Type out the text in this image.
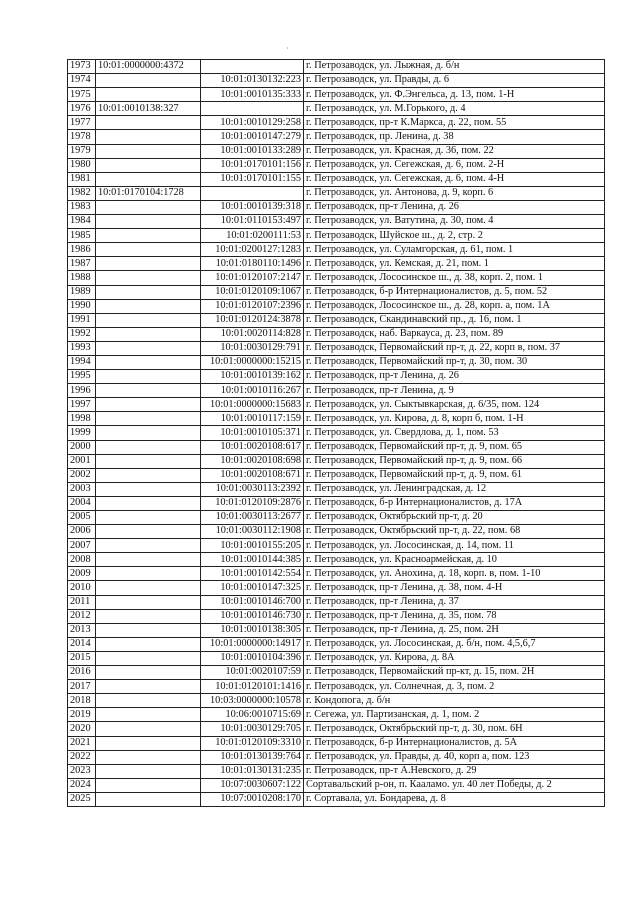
·
1973	10:01:0000000:4372		г. Петрозаводск, ул. Лыжная, д. б/н
1974		10:01:0130132:223	г. Петрозаводск, ул. Правды, д. 6
1975		10:01:0010135:333	г. Петрозаводск, ул. Ф.Энгельса, д. 13, пом. 1-Н
1976	10:01:0010138:327		г. Петрозаводск, ул. М.Горького, д. 4
1977		10:01:0010129:258	г. Петрозаводск, пр-т К.Маркса, д. 22, пом. 55
1978		10:01:0010147:279	г. Петрозаводск, пр. Ленина, д. 38
1979		10:01:0010133:289	г. Петрозаводск, ул. Красная, д. 36, пом. 22
1980		10:01:0170101:156	г. Петрозаводск, ул. Сегежская, д. 6, пом. 2-Н
1981		10:01:0170101:155	г. Петрозаводск, ул. Сегежская, д. 6, пом. 4-Н
1982	10:01:0170104:1728		г. Петрозаводск, ул. Антонова, д. 9, корп. 6
1983		10:01:0010139:318	г. Петрозаводск, пр-т Ленина, д. 26
1984		10:01:0110153:497	г. Петрозаводск, ул. Ватутина, д. 30, пом. 4
1985		10:01:0200111:53	г. Петрозаводск, Шуйское ш., д. 2, стр. 2
1986		10:01:0200127:1283	г. Петрозаводск, ул. Суламгорская, д. 61, пом. 1
1987		10:01:0180110:1496	г. Петрозаводск, ул. Кемская, д. 21, пом. 1
1988		10:01:0120107:2147	г. Петрозаводск, Лососинское ш., д. 38, корп. 2, пом. 1
1989		10:01:0120109:1067	г. Петрозаводск, б-р Интернационалистов, д. 5, пом. 52
1990		10:01:0120107:2396	г. Петрозаводск, Лососинское ш., д. 28, корп. а, пом. 1А
1991		10:01:0120124:3878	г. Петрозаводск, Скандинавский пр., д. 16, пом. 1
1992		10:01:0020114:828	г. Петрозаводск, наб. Варкауса, д. 23, пом. 89
1993		10:01:0030129:791	г. Петрозаводск, Первомайский пр-т, д. 22, корп в, пом. 37
1994		10:01:0000000:15215	г. Петрозаводск, Первомайский пр-т, д. 30, пом. 30
1995		10:01:0010139:162	г. Петрозаводск, пр-т Ленина, д. 26
1996		10:01:0010116:267	г. Петрозаводск, пр-т Ленина, д. 9
1997		10:01:0000000:15683	г. Петрозаводск, ул. Сыктывкарская, д. 6/35, пом. 124
1998		10:01:0010117:159	г. Петрозаводск, ул. Кирова, д. 8, корп б, пом. 1-Н
1999		10:01:0010105:371	г. Петрозаводск, ул. Свердлова, д. 1, пом. 53
2000		10:01:0020108:617	г. Петрозаводск, Первомайский пр-т, д. 9, пом. 65
2001		10:01:0020108:698	г. Петрозаводск, Первомайский пр-т, д. 9, пом. 66
2002		10:01:0020108:671	г. Петрозаводск, Первомайский пр-т, д. 9, пом. 61
2003		10:01:0030113:2392	г. Петрозаводск, ул. Ленинградская, д. 12
2004		10:01:0120109:2876	г. Петрозаводск, б-р Интернационалистов, д. 17А
2005		10:01:0030113:2677	г. Петрозаводск, Октябрьский пр-т, д. 20
2006		10:01:0030112:1908	г. Петрозаводск, Октябрьский пр-т, д. 22, пом. 68
2007		10:01:0010155:205	г. Петрозаводск, ул. Лососинская, д. 14, пом. 11
2008		10:01:0010144:385	г. Петрозаводск, ул. Красноармейская, д. 10
2009		10:01:0010142:554	г. Петрозаводск, ул. Анохина, д. 18, корп. в, пом. 1-10
2010		10:01:0010147:325	г. Петрозаводск, пр-т Ленина, д. 38, пом. 4-Н
2011		10:01:0010146:700	г. Петрозаводск, пр-т Ленина, д. 37
2012		10:01:0010146:730	г. Петрозаводск, пр-т Ленина, д. 35, пом. 78
2013		10:01:0010138:305	г. Петрозаводск, пр-т Ленина, д. 25, пом. 2Н
2014		10:01:0000000:14917	г. Петрозаводск, ул. Лососинская, д. б/н, пом. 4,5,6,7
2015		10:01:0010104:396	г. Петрозаводск, ул. Кирова, д. 8А
2016		10:01:0020107:59	г. Петрозаводск, Первомайский пр-кт, д. 15, пом. 2Н
2017		10:01:0120101:1416	г. Петрозаводск, ул. Солнечная, д. 3, пом. 2
2018		10:03:0000000:10578	г. Кондопога, д. б/н
2019		10:06:0010715:69	г. Сегежа, ул. Партизанская, д. 1, пом. 2
2020		10:01:0030129:705	г. Петрозаводск, Октябрьский пр-т, д. 30, пом. 6Н
2021		10:01:0120109:3310	г. Петрозаводск, б-р Интернационалистов, д. 5А
2022		10:01:0130139:764	г. Петрозаводск, ул. Правды, д. 40, корп а, пом. 123
2023		10:01:0130131:235	г. Петрозаводск, пр-т А.Невского, д. 29
2024		10:07:0030607:122	Сортавальский р-он, п. Кааламо. ул. 40 лет Победы, д. 2
2025		10:07:0010208:170	г. Сортавала, ул. Бондарева, д. 8
